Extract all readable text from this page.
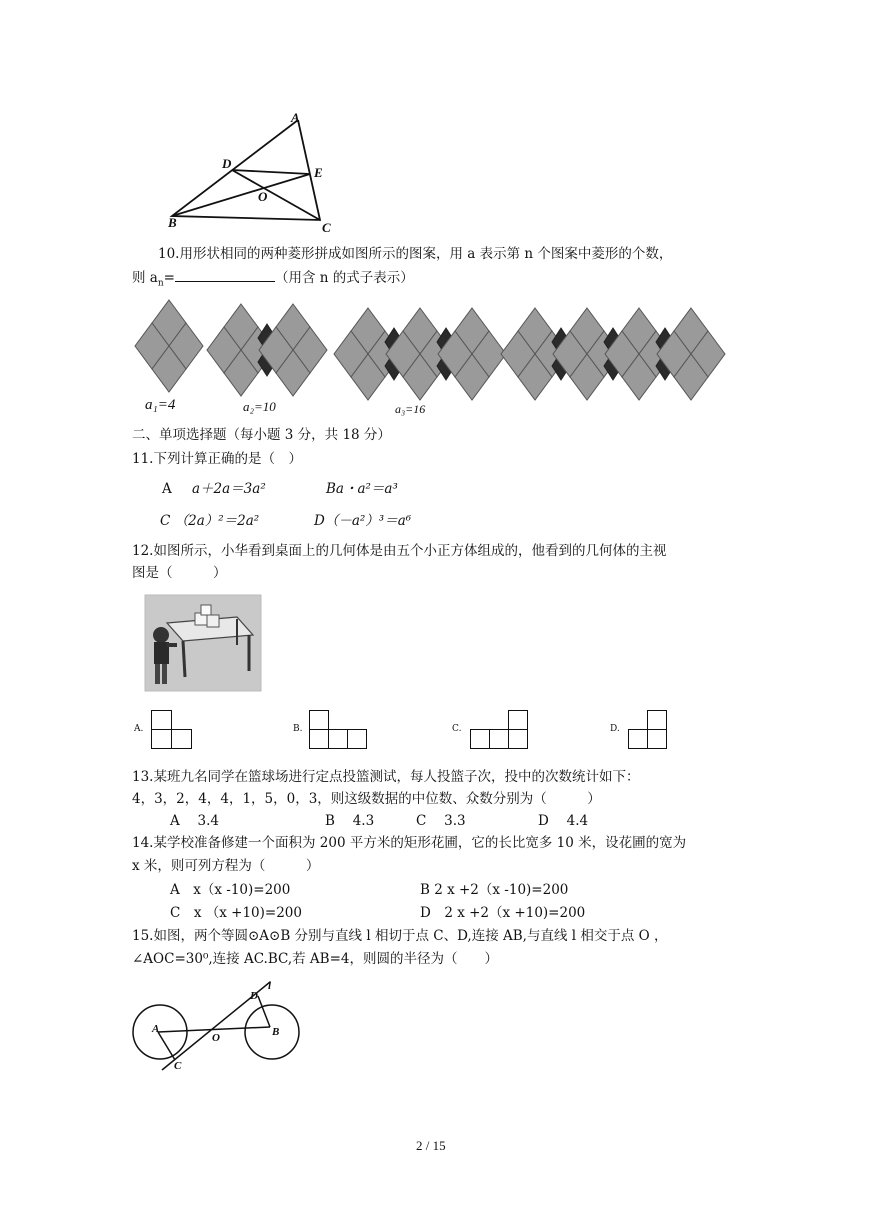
A
D
E
O
B	C
10.用形状相同的两种菱形拼成如图所示的图案，用 a 表示第 n 个图案中菱形的个数，
则 $a_n=$	（用含 n 的式子表示）
a₁=4	a₂=10	a₃=16
二、单项选择题（每小题 3 分，共 18 分）
11.下列计算正确的是（　）
A a＋2a＝3a²	Ba・a²＝a³
C （2a）²＝2a²	D（－a²）³＝a⁶
12.如图所示，小华看到桌面上的几何体是由五个小正方体组成的，他看到的几何体的主视
图是（　　　）
A.	B.	C.	D.
13.某班九名同学在篮球场进行定点投篮测试，每人投篮子次，投中的次数统计如下：
4，3，2，4，4，1，5，0，3，则这级数据的中位数、众数分别为（　　　）
A　 3.4	B　 4.3	C　 3.3	D　 4.4
14.某学校准备修建一个面积为 200 平方米的矩形花圃，它的长比宽多 10 米，设花圃的宽为
x 米，则可列方程为（　　　）
A　x（x -10)=200	B 2 x +2（x -10)=200
C　x （x +10)=200	D　2 x +2（x +10)=200
15.如图，两个等圆⊙A⊙B 分别与直线 l 相切于点 C、D,连接 AB,与直线 l 相交于点 O ，
∠AOC=30⁰,连接 AC.BC,若 AB=4，则圆的半径为（　　）
D
l
A
O	B
C
2 / 15
